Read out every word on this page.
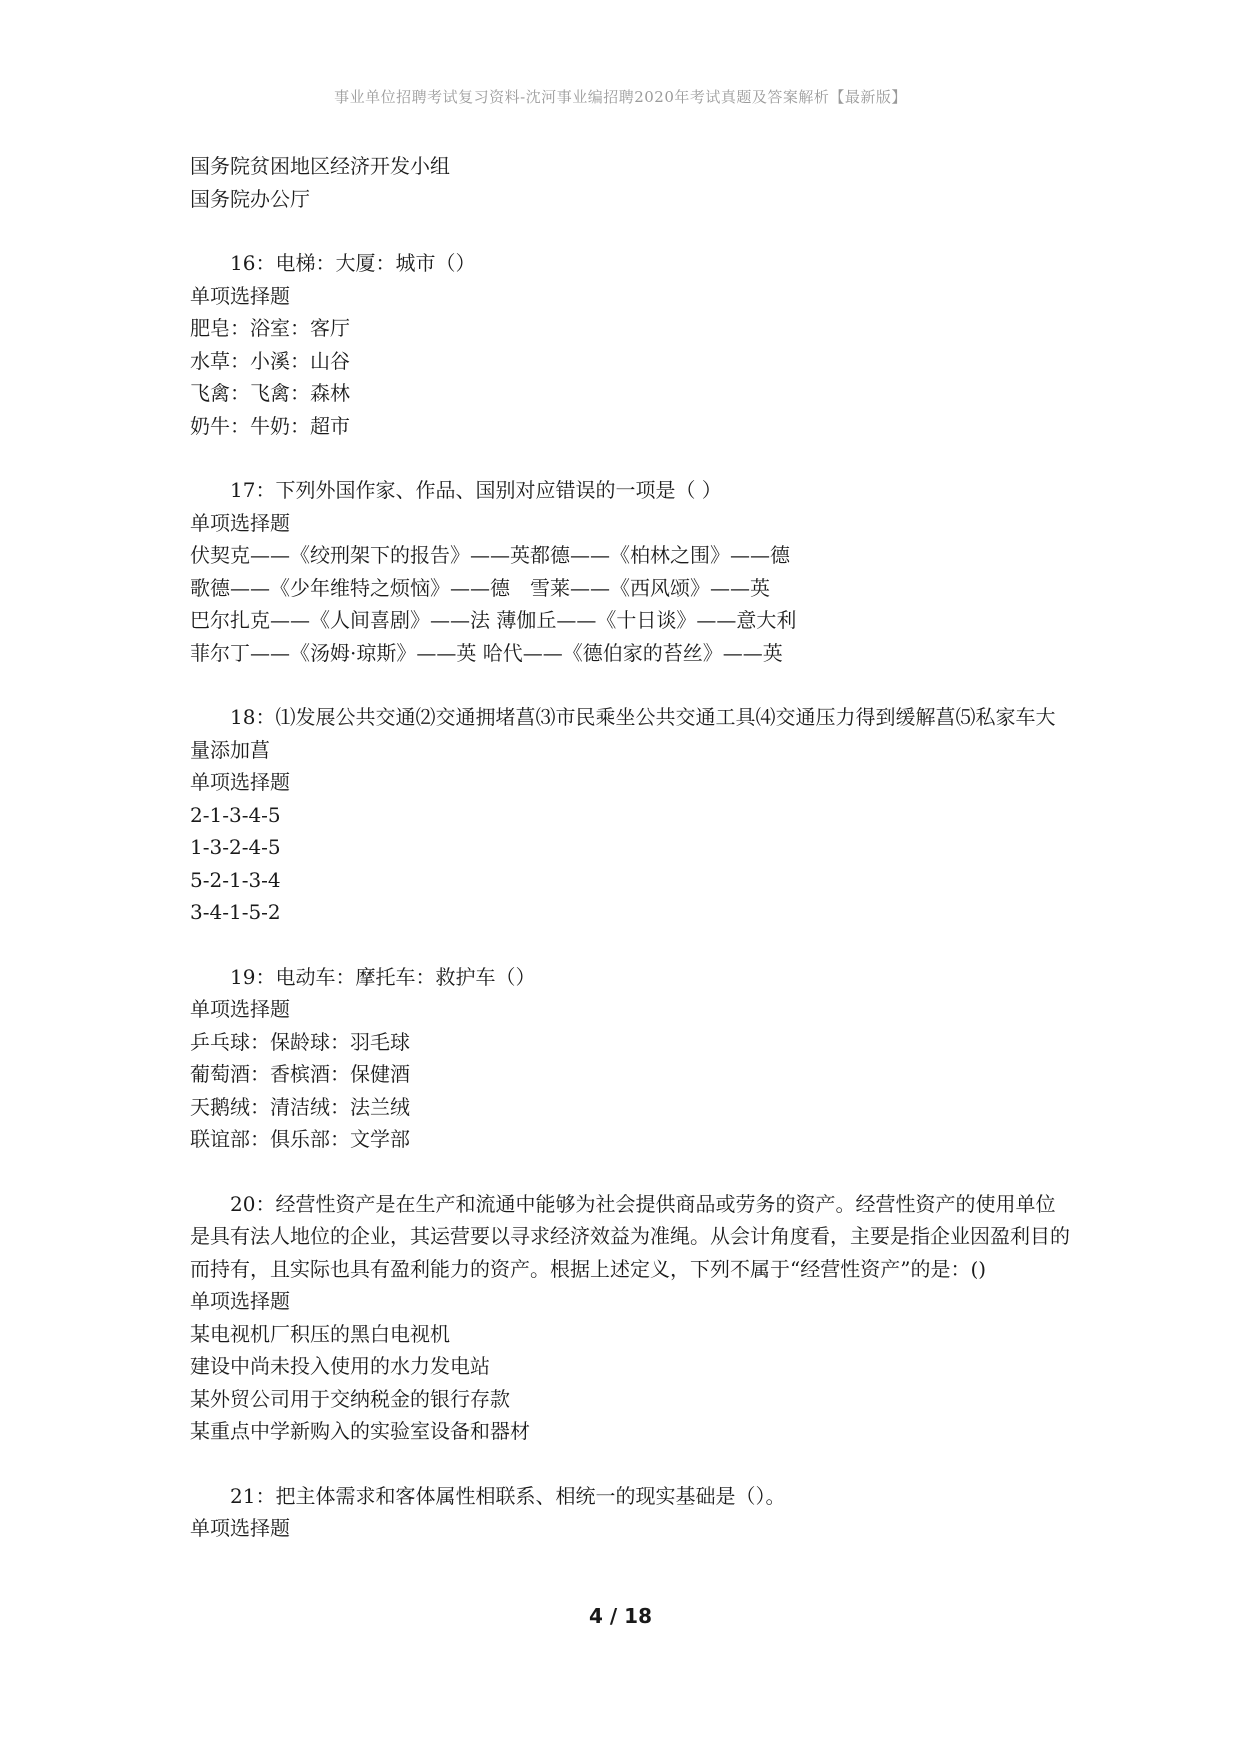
事业单位招聘考试复习资料-沈河事业编招聘2020年考试真题及答案解析【最新版】
国务院贫困地区经济开发小组
国务院办公厅
16：电梯：大厦：城市（）
单项选择题
肥皂：浴室：客厅
水草：小溪：山谷
飞禽：飞禽：森林
奶牛：牛奶：超市
17：下列外国作家、作品、国别对应错误的一项是（ ）
单项选择题
伏契克——《绞刑架下的报告》——英都德——《柏林之围》——德
歌德——《少年维特之烦恼》——德　雪莱——《西风颂》——英
巴尔扎克——《人间喜剧》——法 薄伽丘——《十日谈》——意大利
菲尔丁——《汤姆·琼斯》——英 哈代——《德伯家的苔丝》——英
18：⑴发展公共交通⑵交通拥堵菖⑶市民乘坐公共交通工具⑷交通压力得到缓解菖⑸私家车大量添加菖
单项选择题
2-1-3-4-5
1-3-2-4-5
5-2-1-3-4
3-4-1-5-2
19：电动车：摩托车：救护车（）
单项选择题
乒乓球：保龄球：羽毛球
葡萄酒：香槟酒：保健酒
天鹅绒：清洁绒：法兰绒
联谊部：俱乐部：文学部
20：经营性资产是在生产和流通中能够为社会提供商品或劳务的资产。经营性资产的使用单位是具有法人地位的企业，其运营要以寻求经济效益为准绳。从会计角度看，主要是指企业因盈利目的而持有，且实际也具有盈利能力的资产。根据上述定义，下列不属于“经营性资产”的是：()
单项选择题
某电视机厂积压的黑白电视机
建设中尚未投入使用的水力发电站
某外贸公司用于交纳税金的银行存款
某重点中学新购入的实验室设备和器材
21：把主体需求和客体属性相联系、相统一的现实基础是（）。
单项选择题
4 / 18
